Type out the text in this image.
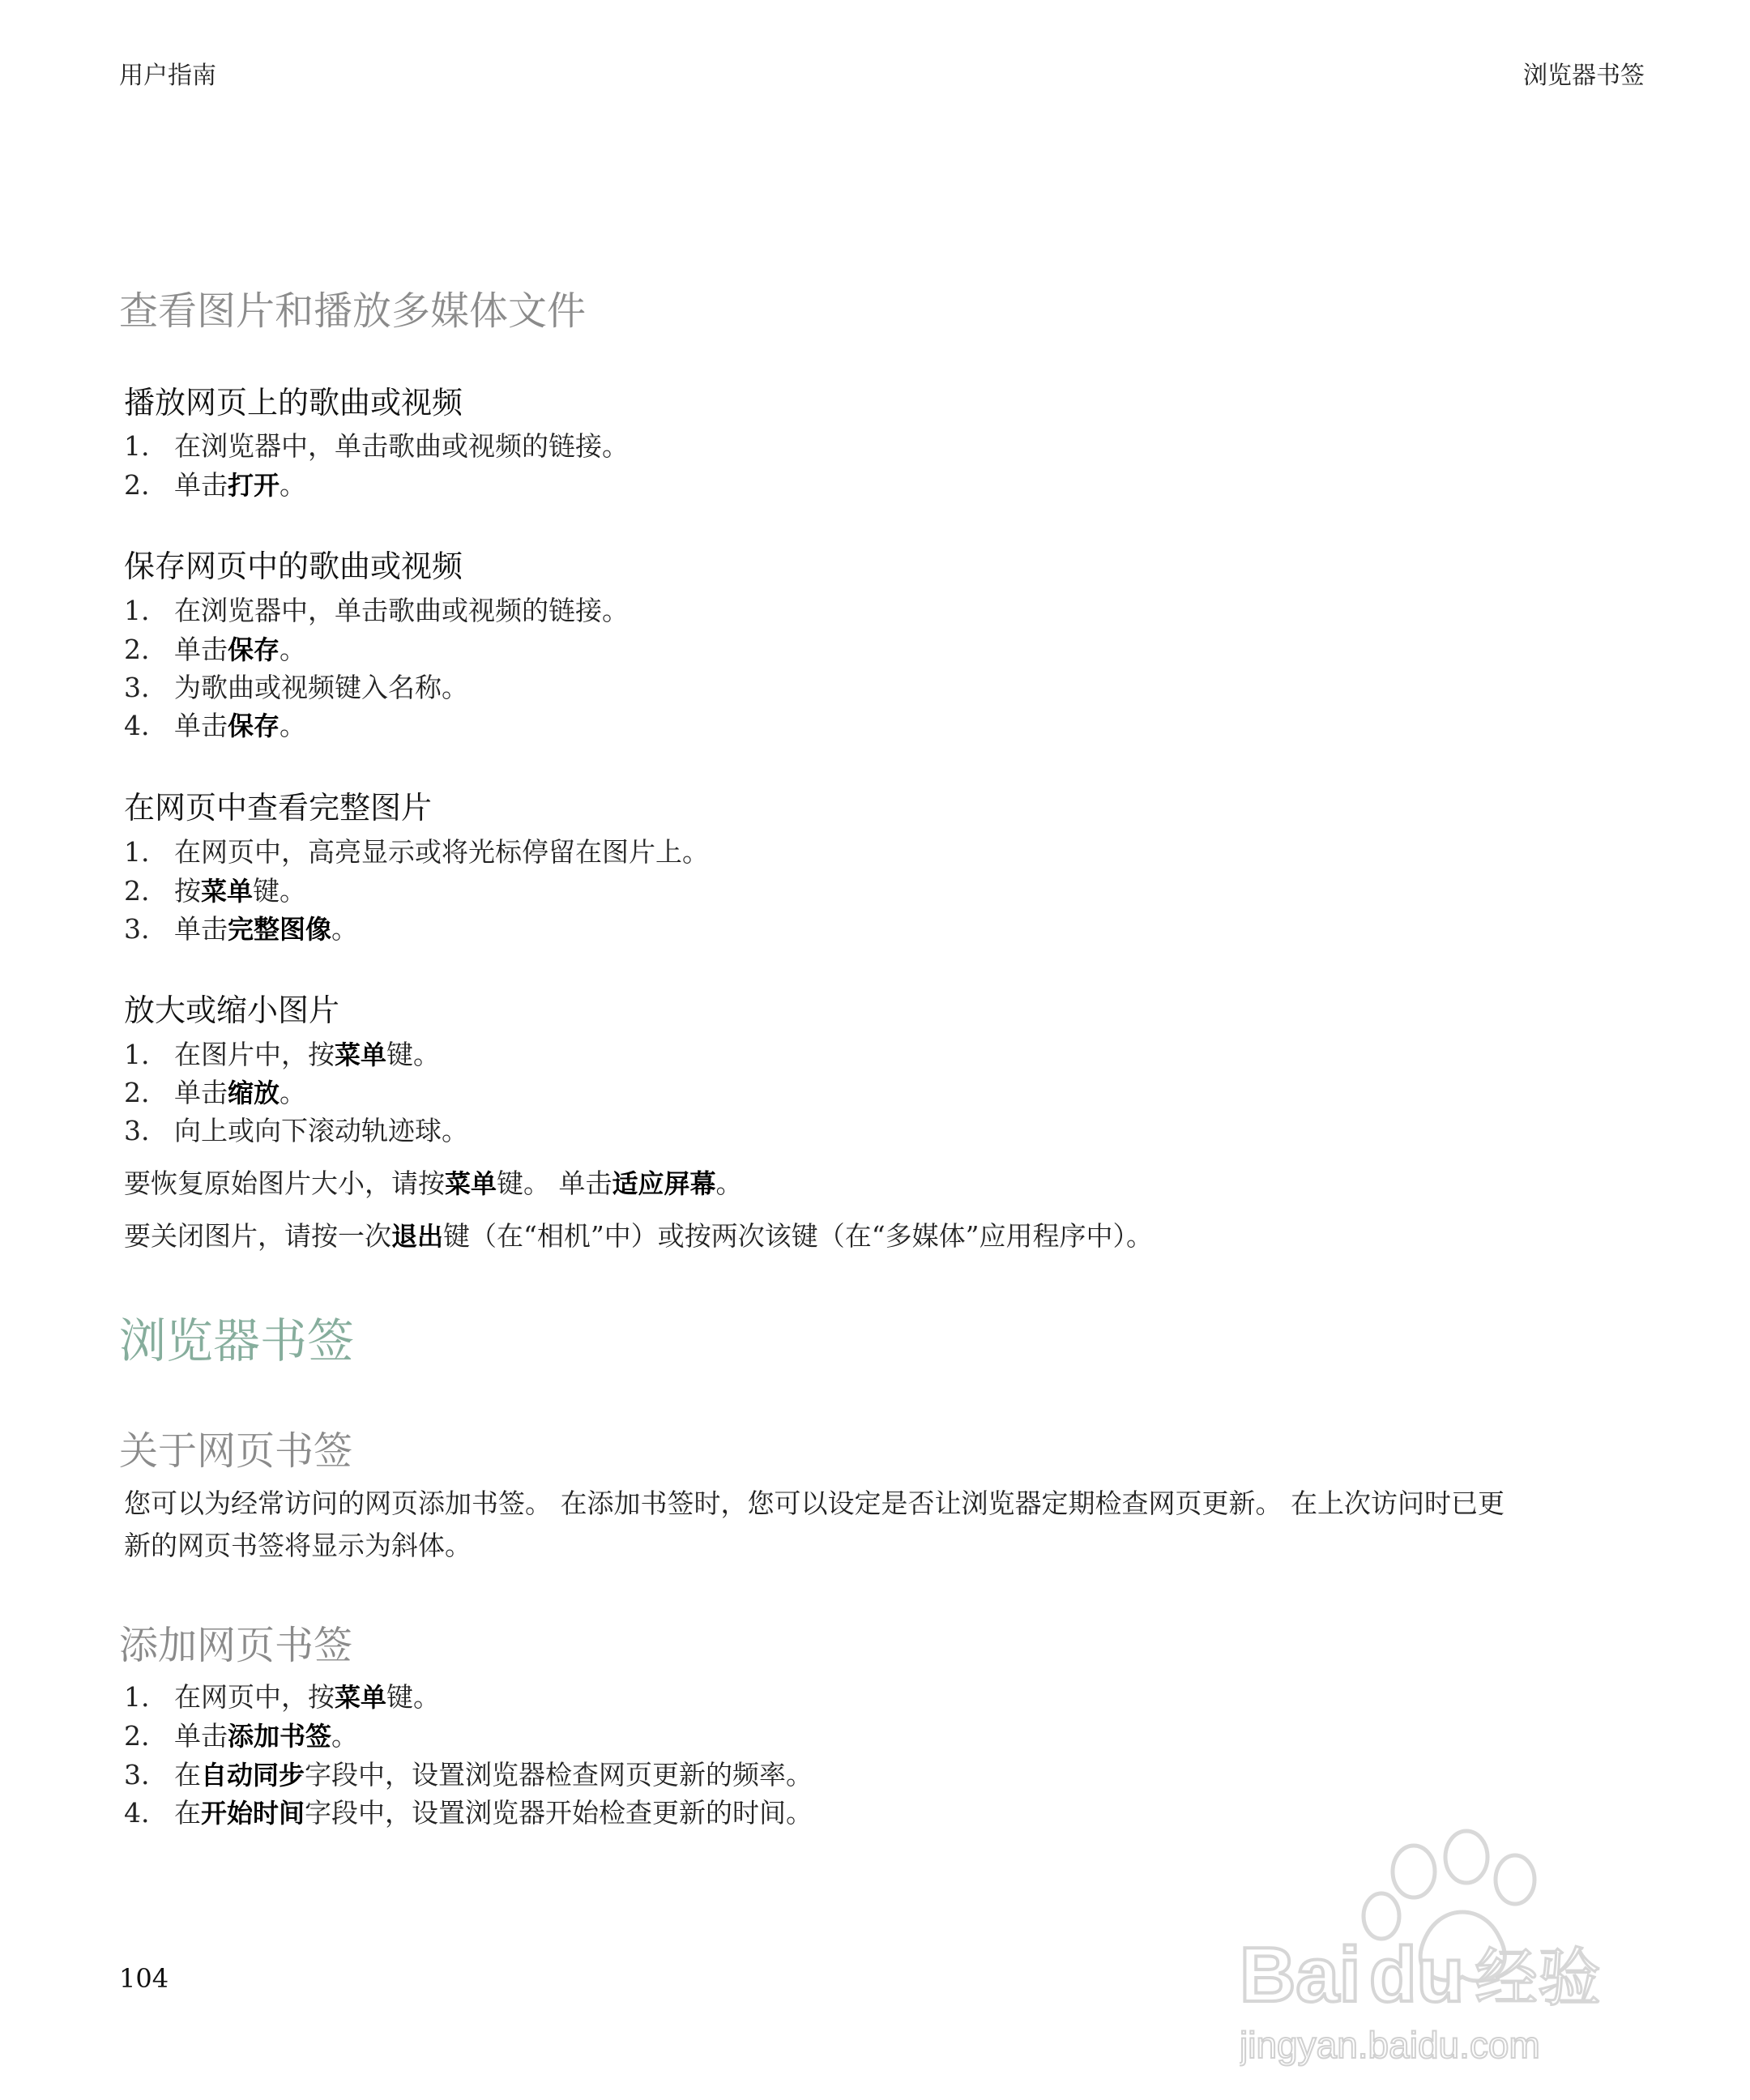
用户指南	浏览器书签
查看图片和播放多媒体文件
播放网页上的歌曲或视频
1. 在浏览器中，单击歌曲或视频的链接。
2. 单击打开。
保存网页中的歌曲或视频
1. 在浏览器中，单击歌曲或视频的链接。
2. 单击保存。
3. 为歌曲或视频键入名称。
4. 单击保存。
在网页中查看完整图片
1. 在网页中，高亮显示或将光标停留在图片上。
2. 按菜单键。
3. 单击完整图像。
放大或缩小图片
1. 在图片中，按菜单键。
2. 单击缩放。
3. 向上或向下滚动轨迹球。
要恢复原始图片大小，请按菜单键。 单击适应屏幕。
要关闭图片，请按一次退出键（在“相机”中）或按两次该键（在“多媒体”应用程序中）。
浏览器书签
关于网页书签
您可以为经常访问的网页添加书签。 在添加书签时，您可以设定是否让浏览器定期检查网页更新。 在上次访问时已更
新的网页书签将显示为斜体。
添加网页书签
1. 在网页中，按菜单键。
2. 单击添加书签。
3. 在自动同步字段中，设置浏览器检查网页更新的频率。
4. 在开始时间字段中，设置浏览器开始检查更新的时间。
104	Bai du 经验
jingyan.baidu.com
